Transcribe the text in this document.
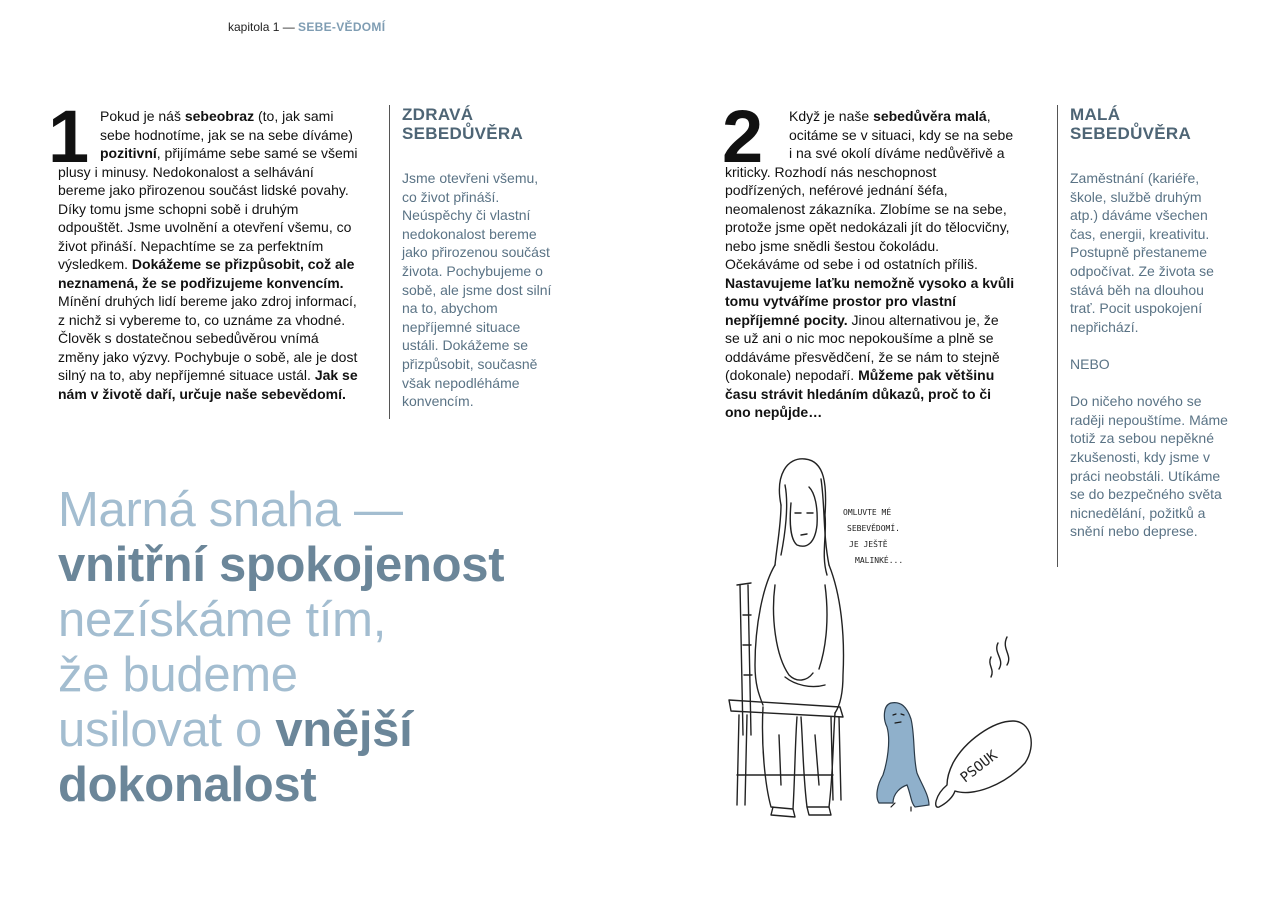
kapitola 1 — SEBE-VĚDOMÍ
1 Pokud je náš sebeobraz (to, jak sami sebe hodnotíme, jak se na sebe díváme) pozitivní, přijímáme sebe samé se všemi plusy i minusy. Nedokonalost a selhávání bereme jako přirozenou součást lidské povahy. Díky tomu jsme schopni sobě i druhým odpouštět. Jsme uvolnění a otevření všemu, co život přináší. Nepachtíme se za perfektním výsledkem. Dokážeme se přizpůsobit, což ale neznamená, že se podřizujeme konvencím. Mínění druhých lidí bereme jako zdroj informací, z nichž si vybereme to, co uznáme za vhodné. Člověk s dostatečnou sebedůvěrou vnímá změny jako výzvy. Pochybuje o sobě, ale je dost silný na to, aby nepříjemné situace ustál. Jak se nám v životě daří, určuje naše sebevědomí.

ZDRAVÁ SEBEDŮVĚRA

Jsme otevřeni všemu, co život přináší. Neúspěchy či vlastní nedokonalost bereme jako přirozenou součást života. Pochybujeme o sobě, ale jsme dost silní na to, abychom nepříjemné situace ustáli. Dokážeme se přizpůsobit, současně však nepodléháme konvencím.

Marná snaha —
vnitřní spokojenost
nezískáme tím,
že budeme
usilovat o vnější
dokonalost
2	Když je naše sebedůvěra malá, ocitáme se v situaci, kdy se na sebe i na své okolí díváme nedůvěřivě a kriticky. Rozhodí nás neschopnost podřízených, neférové jednání šéfa, neomalenost zákazníka. Zlobíme se na sebe, protože jsme opět nedokázali jít do tělocvičny, nebo jsme snědli šestou čokoládu. Očekáváme od sebe i od ostatních příliš. Nastavujeme laťku nemožně vysoko a kvůli tomu vytváříme prostor pro vlastní nepříjemné pocity. Jinou alternativou je, že se už ani o nic moc nepokoušíme a plně se oddáváme přesvědčení, že se nám to stejně (dokonale) nepodaří. Můžeme pak většinu času strávit hledáním důkazů, proč to či ono nepůjde…

MALÁ SEBEDŮVĚRA

Zaměstnání (kariéře, škole, službě druhým atp.) dáváme všechen čas, energii, kreativitu. Postupně přestaneme odpočívat. Ze života se stává běh na dlouhou trať. Pocit uspokojení nepřichází.

NEBO

Do ničeho nového se raději nepouštíme. Máme totiž za sebou nepěkné zkušenosti, kdy jsme v práci neobstáli. Utíkáme se do bezpečného světa nicnedělání, požitků a snění nebo deprese.

PSOUK
OMLUVTE MÉ
SEBEVĚDOMÍ.
JE JEŠTĚ
MALINKÉ...
